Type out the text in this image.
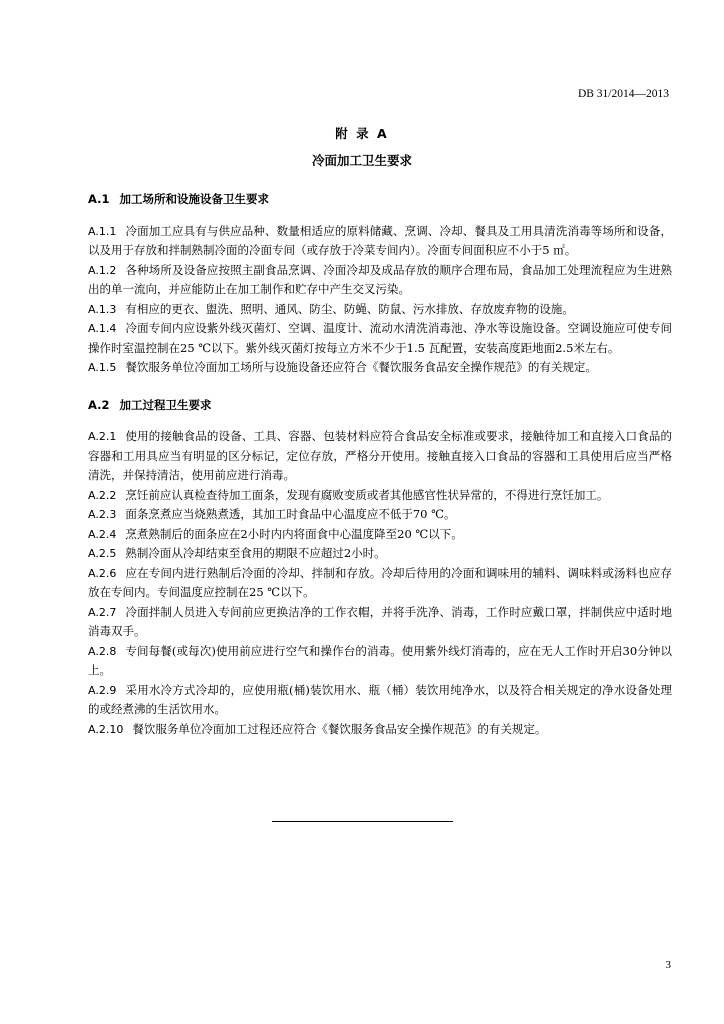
DB 31/2014—2013
附 录 A
冷面加工卫生要求
A.1 加工场所和设施设备卫生要求
A.1.1 冷面加工应具有与供应品种、数量相适应的原料储藏、烹调、冷却、餐具及工用具清洗消毒等场所和设备，以及用于存放和拌制熟制冷面的冷面专间（或存放于冷菜专间内）。冷面专间面积应不小于5 ㎡。
A.1.2 各种场所及设备应按照主副食品烹调、冷面冷却及成品存放的顺序合理布局，食品加工处理流程应为生进熟出的单一流向，并应能防止在加工制作和贮存中产生交叉污染。
A.1.3 有相应的更衣、盥洗、照明、通风、防尘、防蝇、防鼠、污水排放、存放废弃物的设施。
A.1.4 冷面专间内应设紫外线灭菌灯、空调、温度计、流动水清洗消毒池、净水等设施设备。空调设施应可使专间操作时室温控制在25 ℃以下。紫外线灭菌灯按每立方米不少于1.5 瓦配置，安装高度距地面2.5米左右。
A.1.5 餐饮服务单位冷面加工场所与设施设备还应符合《餐饮服务食品安全操作规范》的有关规定。
A.2 加工过程卫生要求
A.2.1 使用的接触食品的设备、工具、容器、包装材料应符合食品安全标准或要求，接触待加工和直接入口食品的容器和工用具应当有明显的区分标记，定位存放，严格分开使用。接触直接入口食品的容器和工具使用后应当严格清洗，并保持清洁，使用前应进行消毒。
A.2.2 烹饪前应认真检查待加工面条，发现有腐败变质或者其他感官性状异常的，不得进行烹饪加工。
A.2.3 面条烹煮应当烧熟煮透，其加工时食品中心温度应不低于70 ℃。
A.2.4 烹煮熟制后的面条应在2小时内内将面食中心温度降至20 ℃以下。
A.2.5 熟制冷面从冷却结束至食用的期限不应超过2小时。
A.2.6 应在专间内进行熟制后冷面的冷却、拌制和存放。冷却后待用的冷面和调味用的辅料、调味料或汤料也应存放在专间内。专间温度应控制在25 ℃以下。
A.2.7 冷面拌制人员进入专间前应更换洁净的工作衣帽，并将手洗净、消毒，工作时应戴口罩，拌制供应中适时地消毒双手。
A.2.8 专间每餐(或每次)使用前应进行空气和操作台的消毒。使用紫外线灯消毒的，应在无人工作时开启30分钟以上。
A.2.9 采用水冷方式冷却的，应使用瓶(桶)装饮用水、瓶（桶）装饮用纯净水，以及符合相关规定的净水设备处理的或经煮沸的生活饮用水。
A.2.10 餐饮服务单位冷面加工过程还应符合《餐饮服务食品安全操作规范》的有关规定。
3
